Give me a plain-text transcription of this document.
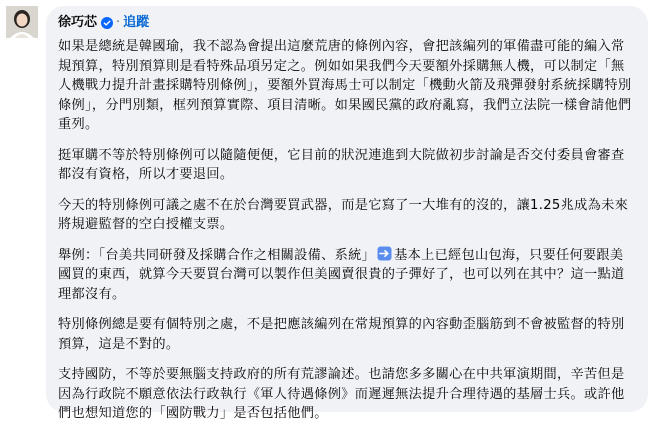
徐巧芯 · 追蹤

如果是總統是韓國瑜，我不認為會提出這麼荒唐的條例內容，會把該編列的軍備盡可能的編入常規預算，特別預算則是看特殊品項另定之。例如如果我們今天要額外採購無人機，可以制定「無人機戰力提升計畫採購特別條例」，要額外買海馬士可以制定「機動火箭及飛彈發射系統採購特別條例」，分門別類，框列預算實際、項目清晰。如果國民黨的政府亂寫，我們立法院一樣會請他們重列。

挺軍購不等於特別條例可以隨隨便便，它目前的狀況連進到大院做初步討論是否交付委員會審查都沒有資格，所以才要退回。

今天的特別條例可議之處不在於台灣要買武器，而是它寫了一大堆有的沒的，讓1.25兆成為未來將規避監督的空白授權支票。

舉例：「台美共同研發及採購合作之相關設備、系統」 基本上已經包山包海，只要任何要跟美國買的東西，就算今天要買台灣可以製作但美國賣很貴的子彈好了，也可以列在其中？這一點道理都沒有。

特別條例總是要有個特別之處，不是把應該編列在常規預算的內容動歪腦筋到不會被監督的特別預算，這是不對的。

支持國防，不等於要無腦支持政府的所有荒謬論述。也請您多多關心在中共軍演期間，辛苦但是因為行政院不願意依法行政執行《軍人待遇條例》而遲遲無法提升合理待遇的基層士兵。或許他們也想知道您的「國防戰力」是否包括他們。
